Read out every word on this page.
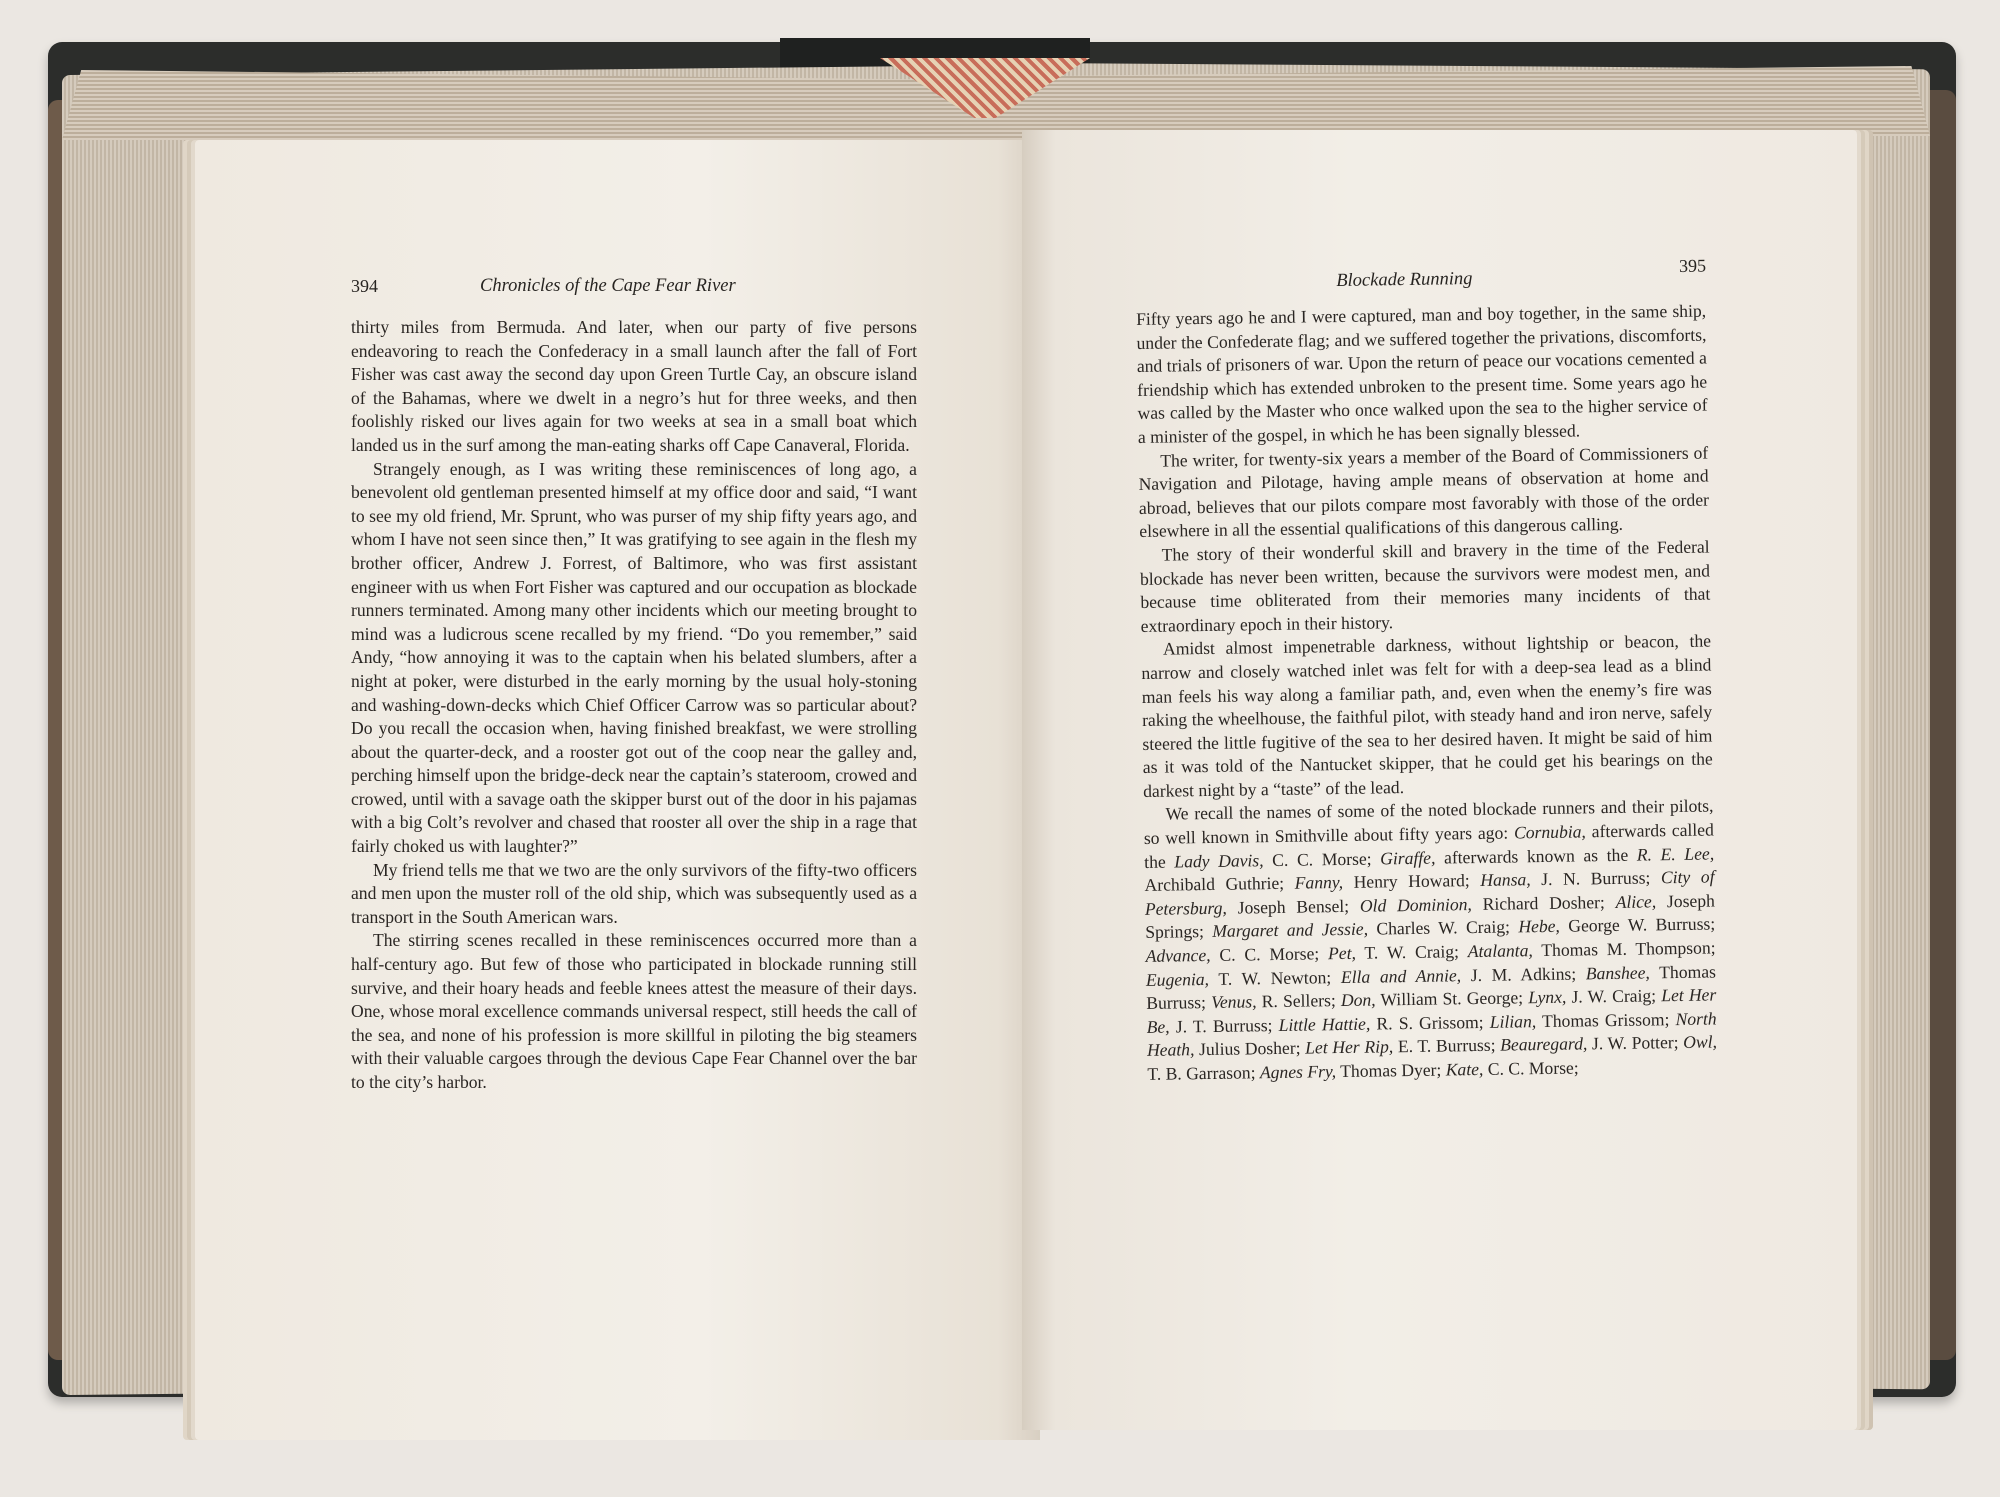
394	Chronicles of the Cape Fear River

thirty miles from Bermuda. And later, when our party of five persons endeavoring to reach the Confederacy in a small launch after the fall of Fort Fisher was cast away the second day upon Green Turtle Cay, an obscure island of the Bahamas, where we dwelt in a negro’s hut for three weeks, and then foolishly risked our lives again for two weeks at sea in a small boat which landed us in the surf among the man-eating sharks off Cape Canaveral, Florida.

Strangely enough, as I was writing these reminiscences of long ago, a benevolent old gentleman presented himself at my office door and said, “I want to see my old friend, Mr. Sprunt, who was purser of my ship fifty years ago, and whom I have not seen since then,” It was gratifying to see again in the flesh my brother officer, Andrew J. Forrest, of Baltimore, who was first assistant engineer with us when Fort Fisher was captured and our occupation as blockade runners terminated. Among many other incidents which our meeting brought to mind was a ludicrous scene recalled by my friend. “Do you remember,” said Andy, “how annoying it was to the captain when his belated slumbers, after a night at poker, were disturbed in the early morning by the usual holy-stoning and washing-down-decks which Chief Officer Carrow was so particular about? Do you recall the occasion when, having finished breakfast, we were strolling about the quarter-deck, and a rooster got out of the coop near the galley and, perching himself upon the bridge-deck near the captain’s stateroom, crowed and crowed, until with a savage oath the skipper burst out of the door in his pajamas with a big Colt’s revolver and chased that rooster all over the ship in a rage that fairly choked us with laughter?”

My friend tells me that we two are the only survivors of the fifty-two officers and men upon the muster roll of the old ship, which was subsequently used as a transport in the South American wars.

The stirring scenes recalled in these reminiscences occurred more than a half-century ago. But few of those who participated in blockade running still survive, and their hoary heads and feeble knees attest the measure of their days. One, whose moral excellence commands universal respect, still heeds the call of the sea, and none of his profession is more skillful in piloting the big steamers with their valuable cargoes through the devious Cape Fear Channel over the bar to the city’s harbor.

Blockade Running
395

Fifty years ago he and I were captured, man and boy together, in the same ship, under the Confederate flag; and we suffered together the privations, discomforts, and trials of prisoners of war. Upon the return of peace our vocations cemented a friendship which has extended unbroken to the present time. Some years ago he was called by the Master who once walked upon the sea to the higher service of a minister of the gospel, in which he has been signally blessed.

The writer, for twenty-six years a member of the Board of Commissioners of Navigation and Pilotage, having ample means of observation at home and abroad, believes that our pilots compare most favorably with those of the order elsewhere in all the essential qualifications of this dangerous calling.

The story of their wonderful skill and bravery in the time of the Federal blockade has never been written, because the survivors were modest men, and because time obliterated from their memories many incidents of that extraordinary epoch in their history.

Amidst almost impenetrable darkness, without lightship or beacon, the narrow and closely watched inlet was felt for with a deep-sea lead as a blind man feels his way along a familiar path, and, even when the enemy’s fire was raking the wheelhouse, the faithful pilot, with steady hand and iron nerve, safely steered the little fugitive of the sea to her desired haven. It might be said of him as it was told of the Nantucket skipper, that he could get his bearings on the darkest night by a “taste” of the lead.

We recall the names of some of the noted blockade runners and their pilots, so well known in Smithville about fifty years ago: Cornubia, afterwards called the Lady Davis, C. C. Morse; Giraffe, afterwards known as the R. E. Lee, Archibald Guthrie; Fanny, Henry Howard; Hansa, J. N. Burruss; City of Petersburg, Joseph Bensel; Old Dominion, Richard Dosher; Alice, Joseph Springs; Margaret and Jessie, Charles W. Craig; Hebe, George W. Burruss; Advance, C. C. Morse; Pet, T. W. Craig; Atalanta, Thomas M. Thompson; Eugenia, T. W. Newton; Ella and Annie, J. M. Adkins; Banshee, Thomas Burruss; Venus, R. Sellers; Don, William St. George; Lynx, J. W. Craig; Let Her Be, J. T. Burruss; Little Hattie, R. S. Grissom; Lilian, Thomas Grissom; North Heath, Julius Dosher; Let Her Rip, E. T. Burruss; Beauregard, J. W. Potter; Owl, T. B. Garrason; Agnes Fry, Thomas Dyer; Kate, C. C. Morse;
